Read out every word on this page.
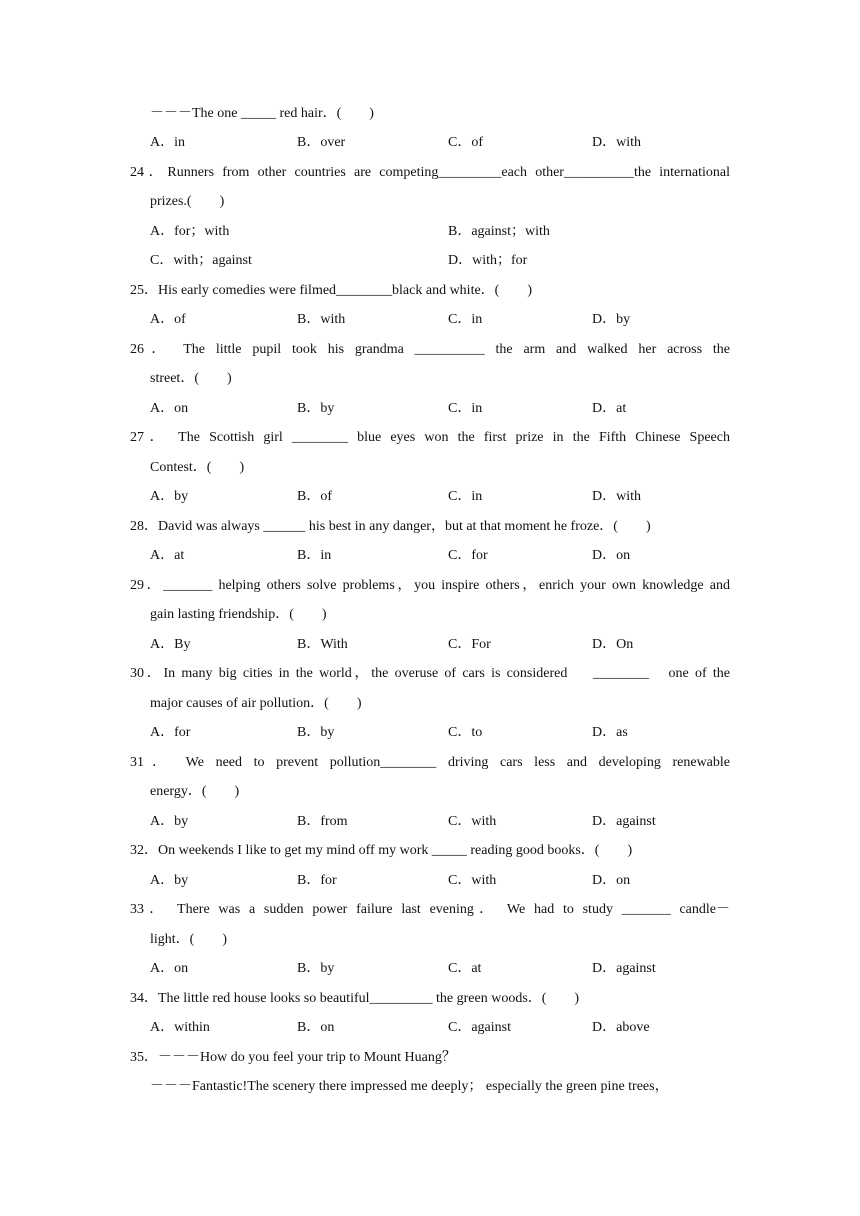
－－－The one _____ red hair．(　　)
A．in	B．over	C．of	D．with
24．Runners from other countries are competing_________each other__________the international
prizes.(　　)
A．for；with	B．against；with
C．with；against	D．with；for
25．His early comedies were filmed________black and white．(　　)
A．of	B．with	C．in	D．by
26． The little pupil took his grandma __________ the arm and walked her across the
street．(　　)
A．on	B．by	C．in	D．at
27． The Scottish girl ________ blue eyes won the first prize in the Fifth Chinese Speech
Contest．(　　)
A．by	B．of	C．in	D．with
28．David was always ______ his best in any danger，but at that moment he froze．(　　)
A．at	B．in	C．for	D．on
29．_______ helping others solve problems，you inspire others，enrich your own knowledge and
gain lasting friendship．(　　)
A．By	B．With	C．For	D．On
30．In many big cities in the world，the overuse of cars is considered　 ________　one of the
major causes of air pollution．(　　)
A．for	B．by	C．to	D．as
31． We need to prevent pollution________ driving cars less and developing renewable
energy．(　　)
A．by	B．from	C．with	D．against
32．On weekends I like to get my mind off my work _____ reading good books．(　　)
A．by	B．for	C．with	D．on
33． There was a sudden power failure last evening． We had to study _______ candle－
light．(　　)
A．on	B．by	C．at	D．against
34．The little red house looks so beautiful_________ the green woods．(　　)
A．within	B．on	C．against	D．above
35．－－－How do you feel your trip to Mount Huang？
－－－Fantastic!The scenery there impressed me deeply； especially the green pine trees，
